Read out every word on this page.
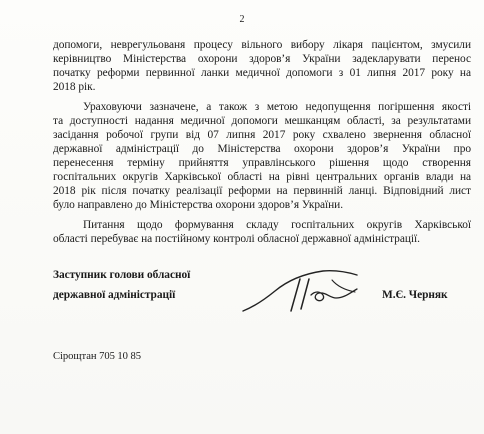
2
допомоги, неврегульованя процесу вільного вибору лікаря пацієнтом, змусили
керівництво Міністерства охорони здоров’я України задекларувати перенос
початку реформи первинної ланки медичної допомоги з 01 липня 2017 року на
2018 рік.
Ураховуючи зазначене, а також з метою недопущення погіршення якості
та доступності надання медичної допомоги мешканцям області, за результатами
засідання робочої групи від 07 липня 2017 року схвалено звернення обласної
державної адміністрації до Міністерства охорони здоров’я України про
перенесення терміну прийняття управлінського рішення щодо створення
госпітальних округів Харківської області на рівні центральних органів влади на
2018 рік після початку реалізації реформи на первинній ланці. Відповідний лист
було направлено до Міністерства охорони здоров’я України.
Питання щодо формування складу госпітальних округів Харківської
області перебуває на постійному контролі обласної державної адміністрації.
Заступник голови обласної
державної адміністрації	М.Є. Черняк
Сірощтан 705 10 85
